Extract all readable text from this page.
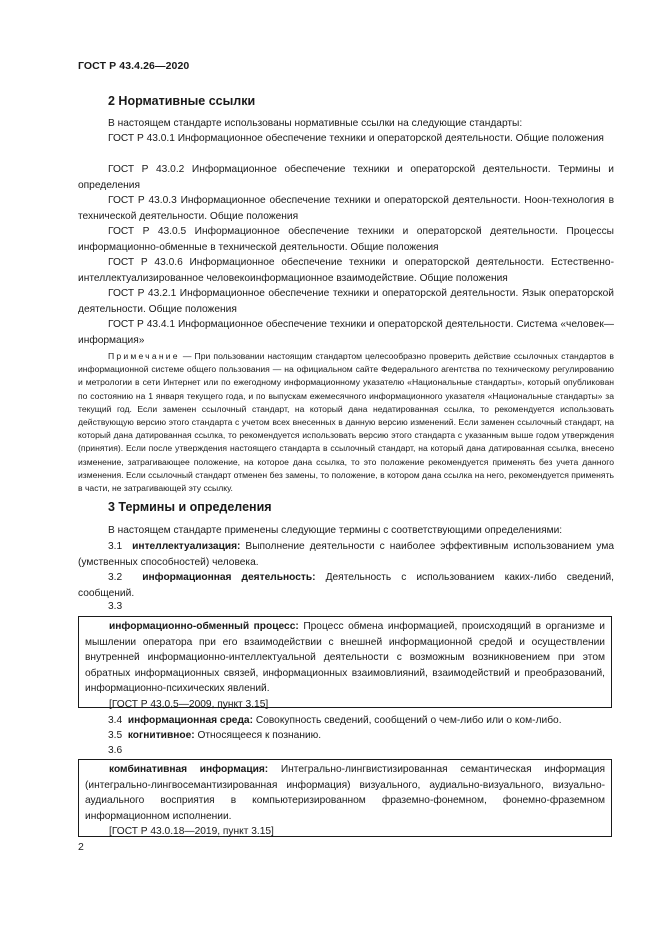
ГОСТ Р 43.4.26—2020
2 Нормативные ссылки
В настоящем стандарте использованы нормативные ссылки на следующие стандарты:
ГОСТ Р 43.0.1 Информационное обеспечение техники и операторской деятельности. Общие положения
ГОСТ Р 43.0.2 Информационное обеспечение техники и операторской деятельности. Термины и определения
ГОСТ Р 43.0.3 Информационное обеспечение техники и операторской деятельности. Ноон-технология в технической деятельности. Общие положения
ГОСТ Р 43.0.5 Информационное обеспечение техники и операторской деятельности. Процессы информационно-обменные в технической деятельности. Общие положения
ГОСТ Р 43.0.6 Информационное обеспечение техники и операторской деятельности. Естественно-интеллектуализированное человекоинформационное взаимодействие. Общие положения
ГОСТ Р 43.2.1 Информационное обеспечение техники и операторской деятельности. Язык операторской деятельности. Общие положения
ГОСТ Р 43.4.1 Информационное обеспечение техники и операторской деятельности. Система «человек—информация»
Примечание — При пользовании настоящим стандартом целесообразно проверить действие ссылочных стандартов в информационной системе общего пользования — на официальном сайте Федерального агентства по техническому регулированию и метрологии в сети Интернет или по ежегодному информационному указателю «Национальные стандарты», который опубликован по состоянию на 1 января текущего года, и по выпускам ежемесячного информационного указателя «Национальные стандарты» за текущий год. Если заменен ссылочный стандарт, на который дана недатированная ссылка, то рекомендуется использовать действующую версию этого стандарта с учетом всех внесенных в данную версию изменений. Если заменен ссылочный стандарт, на который дана датированная ссылка, то рекомендуется использовать версию этого стандарта с указанным выше годом утверждения (принятия). Если после утверждения настоящего стандарта в ссылочный стандарт, на который дана датированная ссылка, внесено изменение, затрагивающее положение, на которое дана ссылка, то это положение рекомендуется применять без учета данного изменения. Если ссылочный стандарт отменен без замены, то положение, в котором дана ссылка на него, рекомендуется применять в части, не затрагивающей эту ссылку.
3 Термины и определения
В настоящем стандарте применены следующие термины с соответствующими определениями:
3.1 интеллектуализация: Выполнение деятельности с наиболее эффективным использованием ума (умственных способностей) человека.
3.2 информационная деятельность: Деятельность с использованием каких-либо сведений, сообщений.
3.3

информационно-обменный процесс: Процесс обмена информацией, происходящий в организме и мышлении оператора при его взаимодействии с внешней информационной средой и осуществлении внутренней информационно-интеллектуальной деятельности с возможным возникновением при этом обратных информационных связей, информационных взаимовлияний, взаимодействий и преобразований, информационно-психических явлений.

[ГОСТ Р 43.0.5—2009, пункт 3.15]

3.4 информационная среда: Совокупность сведений, сообщений о чем-либо или о ком-либо.
3.5 когнитивное: Относящееся к познанию.
3.6

комбинативная информация: Интегрально-лингвистизированная семантическая информация (интегрально-лингвосемантизированная информация) визуального, аудиально-визуального, визуально-аудиального восприятия в компьютеризированном фраземно-фонемном, фонемно-фраземном информационном исполнении.

[ГОСТ Р 43.0.18—2019, пункт 3.15]

2
